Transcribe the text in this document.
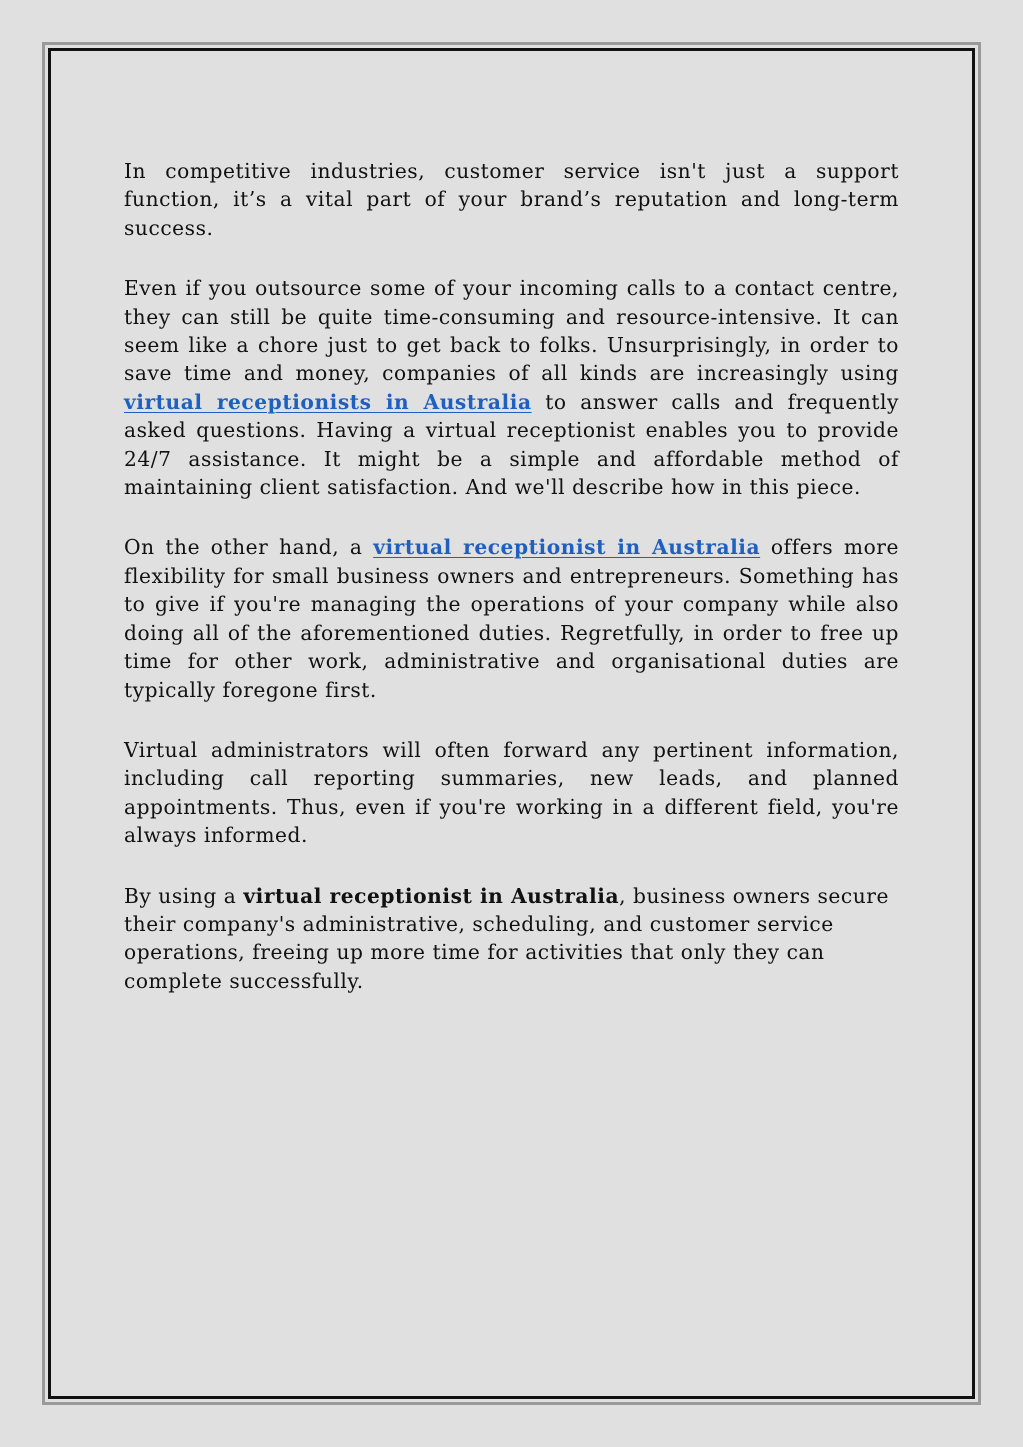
In competitive industries, customer service isn't just a support function, it’s a vital part of your brand’s reputation and long-term success.

Even if you outsource some of your incoming calls to a contact centre, they can still be quite time-consuming and resource-intensive. It can seem like a chore just to get back to folks. Unsurprisingly, in order to save time and money, companies of all kinds are increasingly using virtual receptionists in Australia to answer calls and frequently asked questions. Having a virtual receptionist enables you to provide 24/7 assistance. It might be a simple and affordable method of maintaining client satisfaction. And we'll describe how in this piece.

On the other hand, a virtual receptionist in Australia offers more flexibility for small business owners and entrepreneurs. Something has to give if you're managing the operations of your company while also doing all of the aforementioned duties. Regretfully, in order to free up time for other work, administrative and organisational duties are typically foregone first.

Virtual administrators will often forward any pertinent information, including call reporting summaries, new leads, and planned appointments. Thus, even if you're working in a different field, you're always informed.

By using a virtual receptionist in Australia, business owners secure their company's administrative, scheduling, and customer service operations, freeing up more time for activities that only they can complete successfully.
